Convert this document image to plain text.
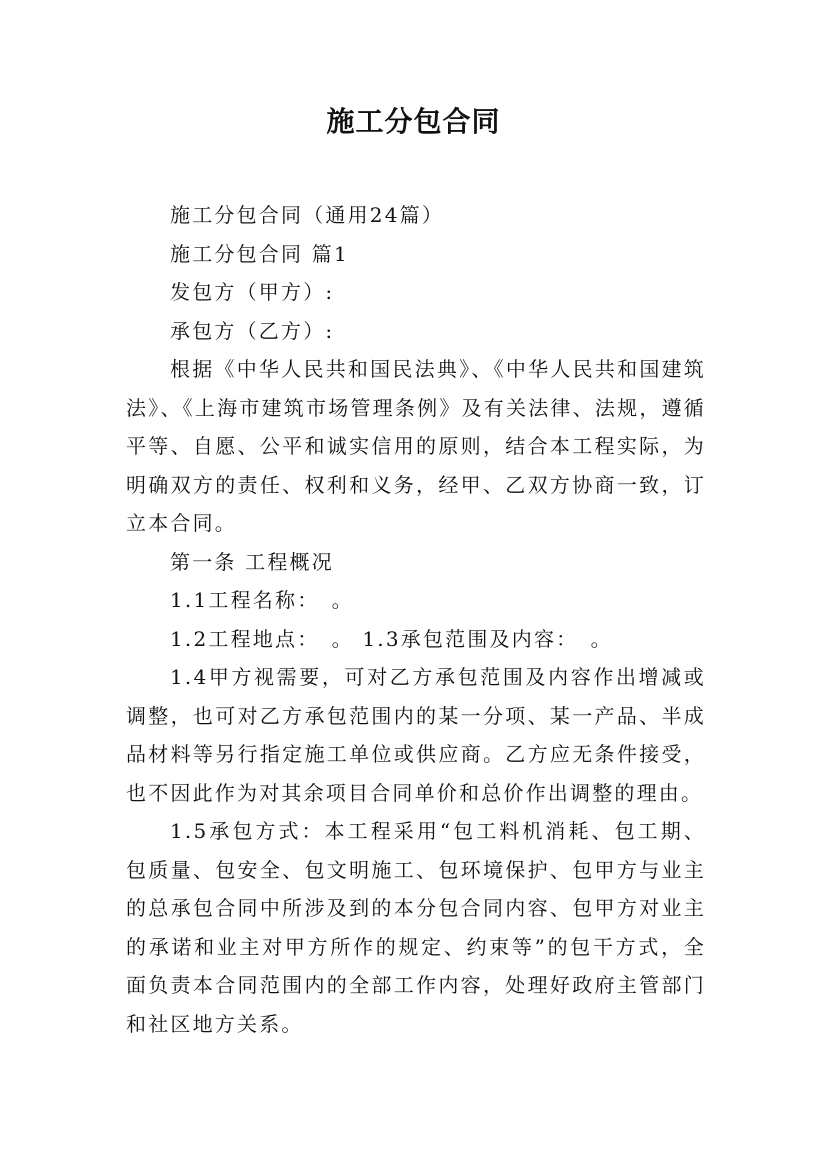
施工分包合同

施工分包合同（通用24篇）

施工分包合同 篇1

发包方（甲方）:

承包方（乙方）:

根据《中华人民共和国民法典》、《中华人民共和国建筑法》、《上海市建筑市场管理条例》及有关法律、法规，遵循平等、自愿、公平和诚实信用的原则，结合本工程实际，为明确双方的责任、权利和义务，经甲、乙双方协商一致，订立本合同。

第一条 工程概况

1.1工程名称：　。

1.2工程地点：　。 1.3承包范围及内容：　。

1.4甲方视需要，可对乙方承包范围及内容作出增减或调整，也可对乙方承包范围内的某一分项、某一产品、半成品材料等另行指定施工单位或供应商。乙方应无条件接受，也不因此作为对其余项目合同单价和总价作出调整的理由。

1.5承包方式：本工程采用“包工料机消耗、包工期、包质量、包安全、包文明施工、包环境保护、包甲方与业主的总承包合同中所涉及到的本分包合同内容、包甲方对业主的承诺和业主对甲方所作的规定、约束等”的包干方式，全面负责本合同范围内的全部工作内容，处理好政府主管部门和社区地方关系。
